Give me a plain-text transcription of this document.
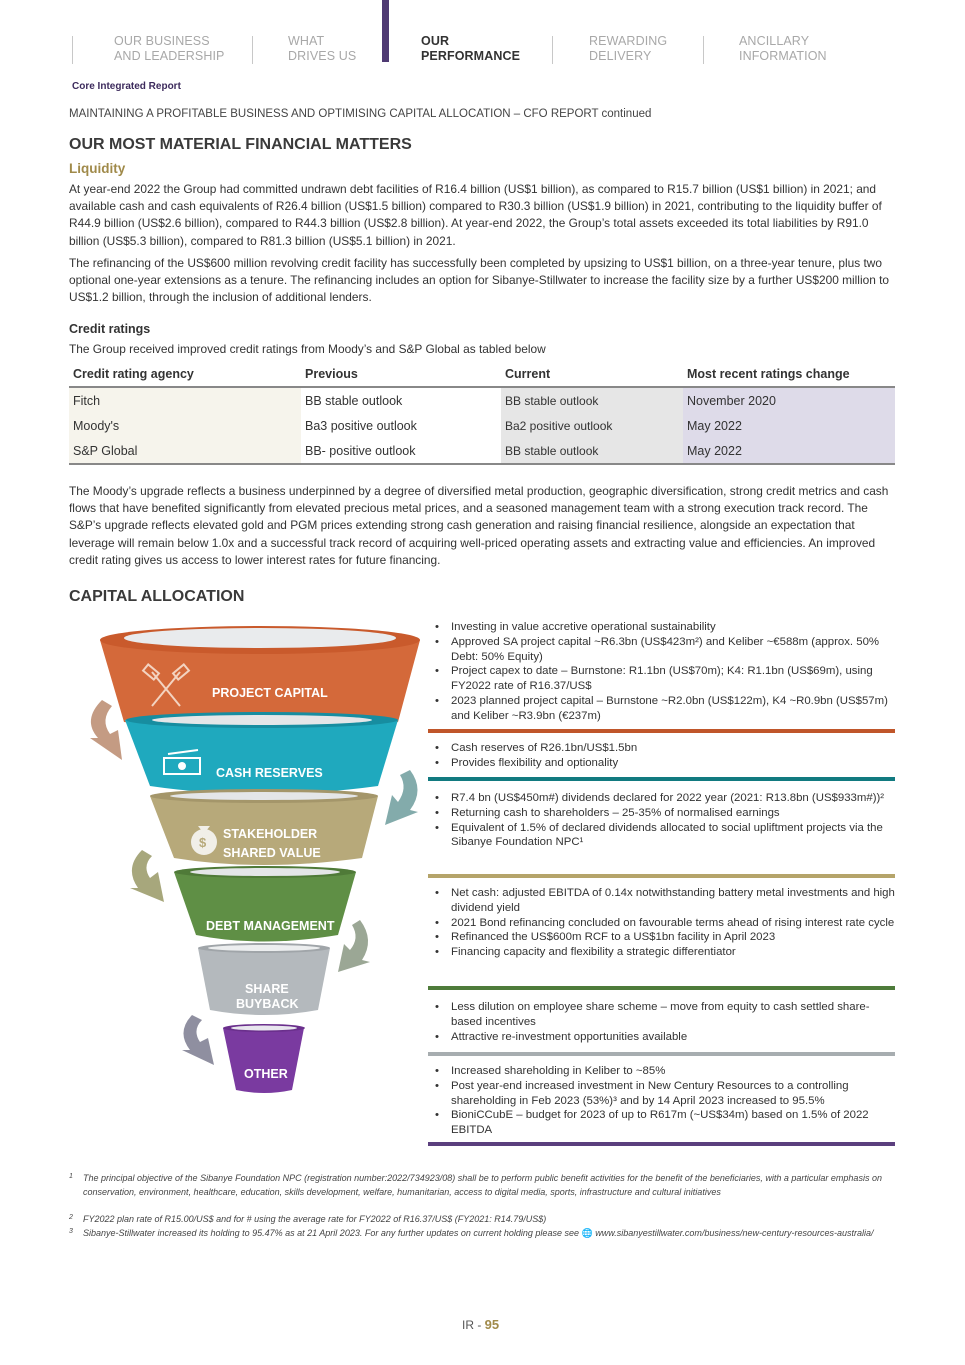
OUR BUSINESS
AND LEADERSHIP
WHAT
DRIVES US
OUR
PERFORMANCE
REWARDING
DELIVERY
ANCILLARY
INFORMATION
Core Integrated Report
MAINTAINING A PROFITABLE BUSINESS AND OPTIMISING CAPITAL ALLOCATION – CFO REPORT continued
OUR MOST MATERIAL FINANCIAL MATTERS
Liquidity

At year-end 2022 the Group had committed undrawn debt facilities of R16.4 billion (US$1 billion), as compared to R15.7 billion (US$1 billion) in 2021; and available cash and cash equivalents of R26.4 billion (US$1.5 billion) compared to R30.3 billion (US$1.9 billion) in 2021, contributing to the liquidity buffer of R44.9 billion (US$2.6 billion), compared to R44.3 billion (US$2.8 billion). At year-end 2022, the Group’s total assets exceeded its total liabilities by R91.0 billion (US$5.3 billion), compared to R81.3 billion (US$5.1 billion) in 2021.

The refinancing of the US$600 million revolving credit facility has successfully been completed by upsizing to US$1 billion, on a three-year tenure, plus two optional one-year extensions as a tenure. The refinancing includes an option for Sibanye-Stillwater to increase the facility size by a further US$200 million to US$1.2 billion, through the inclusion of additional lenders.

Credit ratings

The Group received improved credit ratings from Moody’s and S&P Global as tabled below

Credit rating agency	Previous	Current	Most recent ratings change
Fitch	BB stable outlook	BB stable outlook	November 2020
Moody's	Ba3 positive outlook	Ba2 positive outlook	May 2022
S&P Global	BB- positive outlook	BB stable outlook	May 2022

The Moody’s upgrade reflects a business underpinned by a degree of diversified metal production, geographic diversification, strong credit metrics and cash flows that have benefited significantly from elevated precious metal prices, and a seasoned management team with a strong execution track record. The S&P’s upgrade reflects elevated gold and PGM prices extending strong cash generation and raising financial resilience, alongside an expectation that leverage will remain below 1.0x and a successful track record of acquiring well-priced operating assets and extracting value and efficiencies. An improved credit rating gives us access to lower interest rates for future financing.

CAPITAL ALLOCATION
PROJECT CAPITAL
CASH RESERVES
$
STAKEHOLDER
SHARED VALUE
DEBT MANAGEMENT
SHARE
BUYBACK
OTHER
• Investing in value accretive operational sustainability
• Approved SA project capital ~R6.3bn (US$423m²) and Keliber ~€588m (approx. 50% Debt: 50% Equity)
• Project capex to date – Burnstone: R1.1bn (US$70m); K4: R1.1bn (US$69m), using FY2022 rate of R16.37/US$
• 2023 planned project capital – Burnstone ~R2.0bn (US$122m), K4 ~R0.9bn (US$57m) and Keliber ~R3.9bn (€237m)
• Cash reserves of R26.1bn/US$1.5bn
• Provides flexibility and optionality
• R7.4 bn (US$450m#) dividends declared for 2022 year (2021: R13.8bn (US$933m#))²
• Returning cash to shareholders – 25-35% of normalised earnings
• Equivalent of 1.5% of declared dividends allocated to social upliftment projects via the Sibanye Foundation NPC¹
• Net cash: adjusted EBITDA of 0.14x notwithstanding battery metal investments and high dividend yield
• 2021 Bond refinancing concluded on favourable terms ahead of rising interest rate cycle
• Refinanced the US$600m RCF to a US$1bn facility in April 2023
• Financing capacity and flexibility a strategic differentiator
• Less dilution on employee share scheme – move from equity to cash settled share-based incentives
• Attractive re-investment opportunities available
• Increased shareholding in Keliber to ~85%
• Post year-end increased investment in New Century Resources to a controlling shareholding in Feb 2023 (53%)³ and by 14 April 2023 increased to 95.5%
• BioniCCubE – budget for 2023 of up to R617m (~US$34m) based on 1.5% of 2022 EBITDA
1	The principal objective of the Sibanye Foundation NPC (registration number:2022/734923/08) shall be to perform public benefit activities for the benefit of the beneficiaries, with a particular emphasis on conservation, environment, healthcare, education, skills development, welfare, humanitarian, access to digital media, sports, infrastructure and cultural initiatives
2	FY2022 plan rate of R15.00/US$ and for # using the average rate for FY2022 of R16.37/US$ (FY2021: R14.79/US$)
3	Sibanye-Stillwater increased its holding to 95.47% as at 21 April 2023. For any further updates on current holding please see 🌐 www.sibanyestillwater.com/business/new-century-resources-australia/
IR - 95
